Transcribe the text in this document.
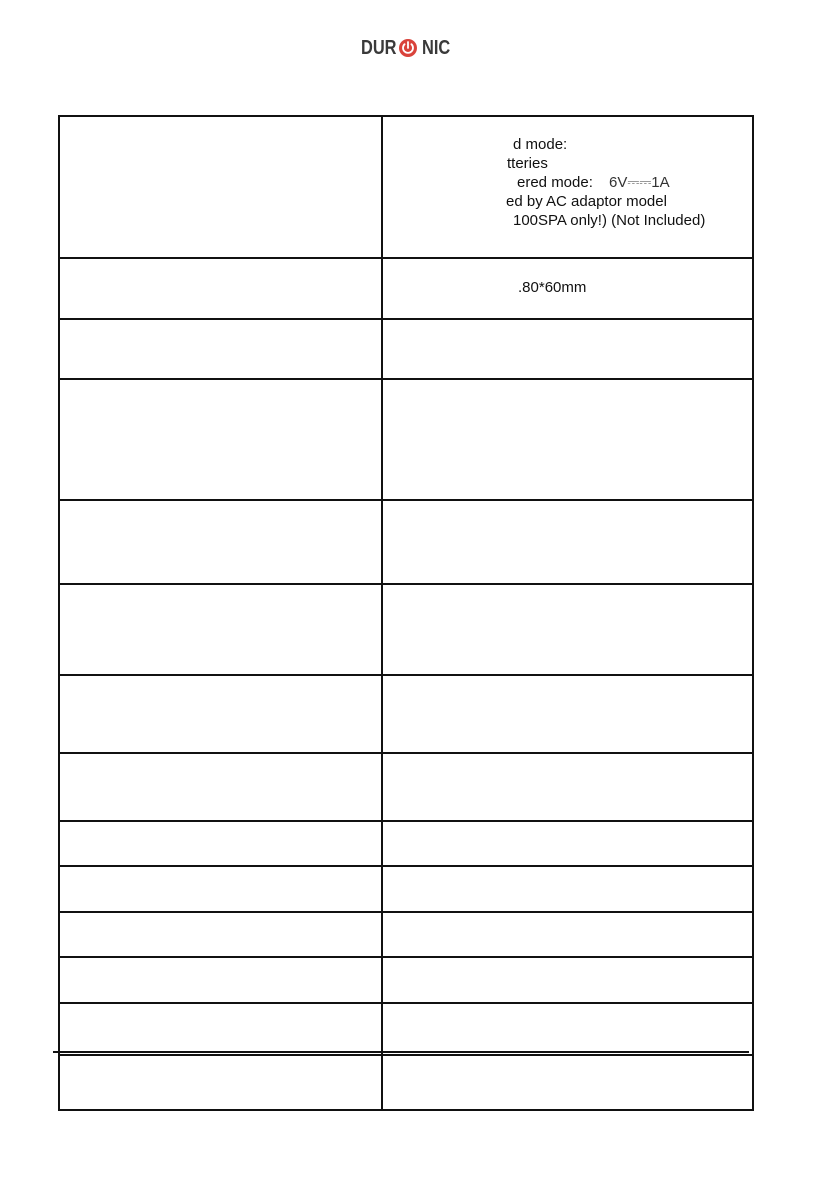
DUR NIC
d mode:
tteries
ered mode: 6V⎓⎓1A
ed by AC adaptor model
100SPA only!) (Not Included)
.80*60mm
